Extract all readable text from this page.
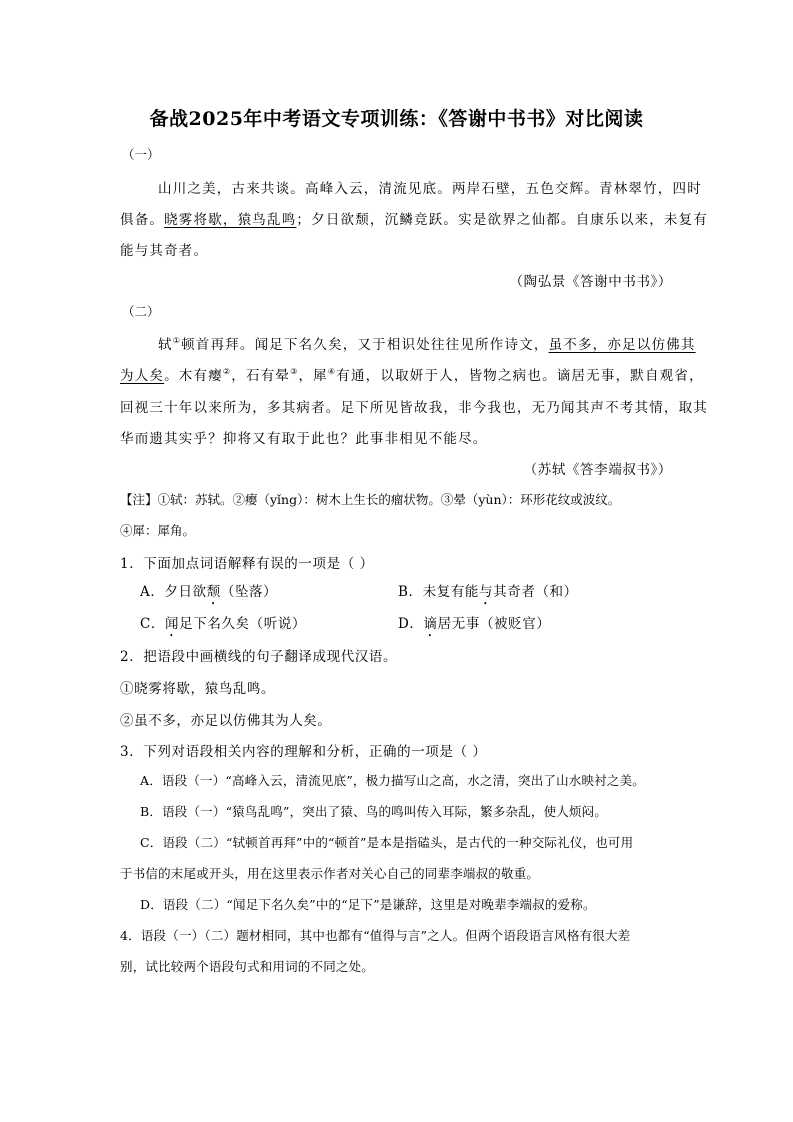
备战2025年中考语文专项训练：《答谢中书书》对比阅读
（一）
山川之美，古来共谈。高峰入云，清流见底。两岸石壁，五色交辉。青林翠竹，四时
俱备。晓雾将歇，猿鸟乱鸣；夕日欲颓，沉鳞竞跃。实是欲界之仙都。自康乐以来，未复有
能与其奇者。
（陶弘景《答谢中书书》）
（二）
轼①顿首再拜。闻足下名久矣，又于相识处往往见所作诗文，虽不多，亦足以仿佛其
为人矣。木有瘿②，石有晕③，犀④有通，以取妍于人，皆物之病也。谪居无事，默自观省，
回视三十年以来所为，多其病者。足下所见皆故我，非今我也，无乃闻其声不考其情，取其
华而遗其实乎？抑将又有取于此也？此事非相见不能尽。
（苏轼《答李端叔书》）
【注】①轼：苏轼。②瘿（yǐng）：树木上生长的瘤状物。③晕（yùn）：环形花纹或波纹。
④犀：犀角。
1．下面加点词语解释有误的一项是（ ）
A．夕日欲颓（坠落）	B．未复有能与其奇者（和）
C．闻足下名久矣（听说）	D．谪居无事（被贬官）
2．把语段中画横线的句子翻译成现代汉语。
①晓雾将歇，猿鸟乱鸣。
②虽不多，亦足以仿佛其为人矣。
3．下列对语段相关内容的理解和分析，正确的一项是（ ）
A．语段（一）“高峰入云，清流见底”，极力描写山之高，水之清，突出了山水映衬之美。
B．语段（一）“猿鸟乱鸣”，突出了猿、鸟的鸣叫传入耳际，繁多杂乱，使人烦闷。
C．语段（二）“轼顿首再拜”中的“顿首”是本是指磕头，是古代的一种交际礼仪，也可用
于书信的末尾或开头，用在这里表示作者对关心自己的同辈李端叔的敬重。
D．语段（二）“闻足下名久矣”中的“足下”是谦辞，这里是对晚辈李端叔的爱称。
4．语段（一）（二）题材相同，其中也都有“值得与言”之人。但两个语段语言风格有很大差
别，试比较两个语段句式和用词的不同之处。
